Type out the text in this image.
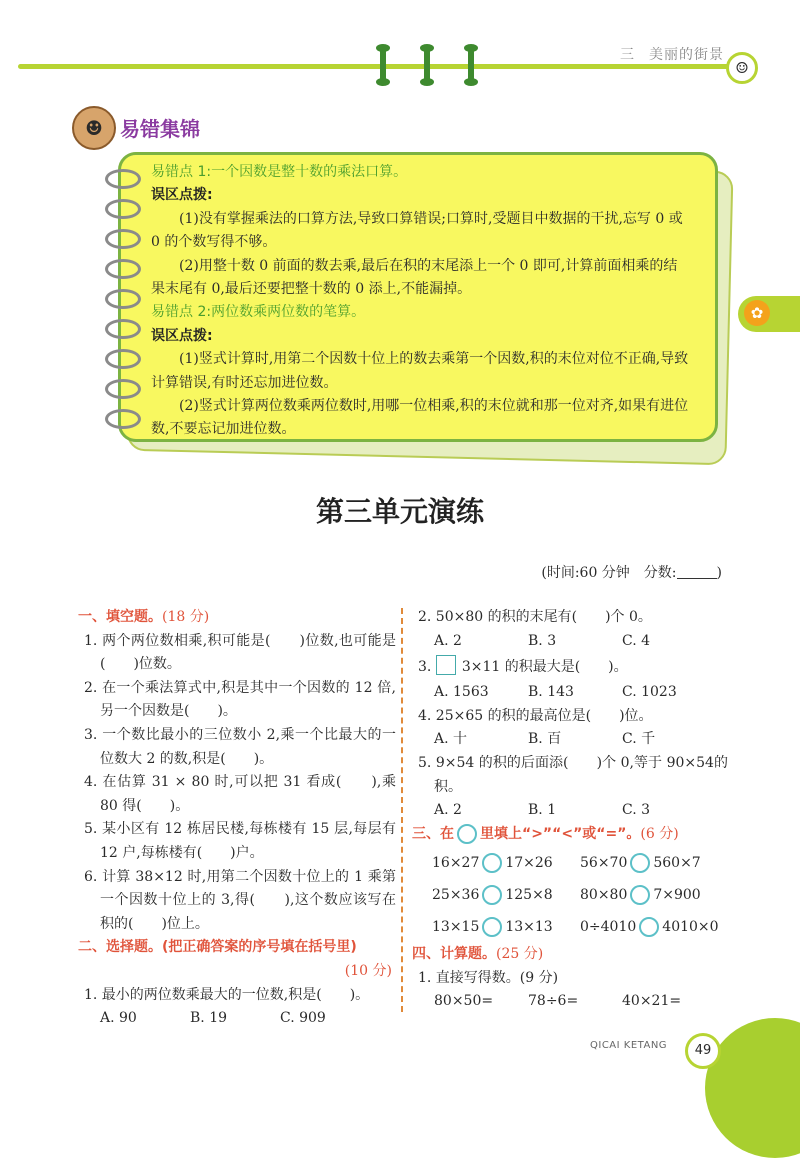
三 美丽的街景
☺
✿
☻ 易错集锦

易错点 1:一个因数是整十数的乘法口算。

误区点拨:

(1)没有掌握乘法的口算方法,导致口算错误;口算时,受题目中数据的干扰,忘写 0 或 0 的个数写得不够。

(2)用整十数 0 前面的数去乘,最后在积的末尾添上一个 0 即可,计算前面相乘的结果末尾有 0,最后还要把整十数的 0 添上,不能漏掉。

易错点 2:两位数乘两位数的笔算。

误区点拨:

(1)竖式计算时,用第二个因数十位上的数去乘第一个因数,积的末位对位不正确,导致计算错误,有时还忘加进位数。

(2)竖式计算两位数乘两位数时,用哪一位相乘,积的末位就和那一位对齐,如果有进位数,不要忘记加进位数。

第三单元演练
(时间:60 分钟　分数:	)

一、填空题。(18 分)

1. 两个两位数相乘,积可能是(　　)位数,也可能是(　　)位数。

2. 在一个乘法算式中,积是其中一个因数的 12 倍,另一个因数是(　　)。

3. 一个数比最小的三位数小 2,乘一个比最大的一位数大 2 的数,积是(　　)。

4. 在估算 31 × 80 时,可以把 31 看成(　　),乘 80 得(　　)。

5. 某小区有 12 栋居民楼,每栋楼有 15 层,每层有 12 户,每栋楼有(　　)户。

6. 计算 38×12 时,用第二个因数十位上的 1 乘第一个因数十位上的 3,得(　　),这个数应该写在积的(　　)位上。

二、选择题。(把正确答案的序号填在括号里)

(10 分)

1. 最小的两位数乘最大的一位数,积是(　　)。

A. 90	B. 19	C. 909

2. 50×80 的积的末尾有(　　)个 0。

A. 2	B. 3	C. 4

3. 3×11 的积最大是(　　)。

A. 1563	B. 143	C. 1023

4. 25×65 的积的最高位是(　　)位。

A. 十	B. 百	C. 千

5. 9×54 的积的后面添(　　)个 0,等于 90×54的积。

A. 2	B. 1	C. 3

三、在 里填上“>”“<”或“=”。(6 分)

16×27 17×26	56×70 560×7
25×36 125×8	80×80 7×900
13×15 13×13	0÷4010 4010×0

四、计算题。(25 分)

1. 直接写得数。(9 分)

80×50=	78÷6=	40×21=
QICAI KETANG	49
